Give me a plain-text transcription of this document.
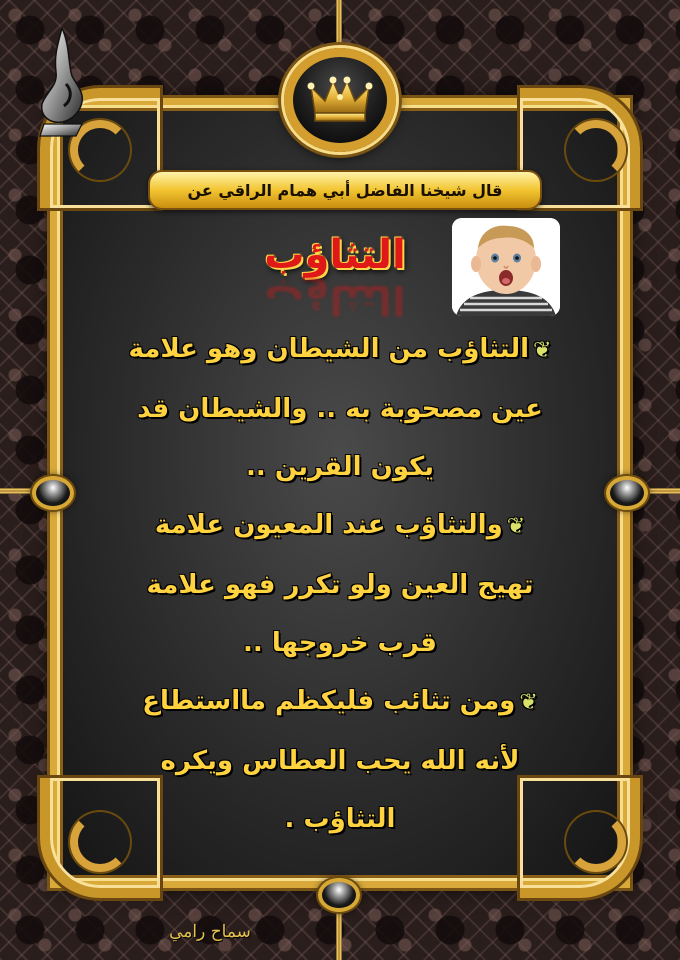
قال شيخنا الفاضل أبي همام الراقي عن
التثاؤب
التثاؤب
❦التثاؤب من الشيطان وهو علامة
عين مصحوبة به .. والشيطان قد
يكون القرين ..
❦والتثاؤب عند المعيون علامة
تهيج العين ولو تكرر فهو علامة
قرب خروجها ..
❦ومن تثائب فليكظم مااستطاع
لأنه الله يحب العطاس ويكره
التثاؤب .
سماح رامي
